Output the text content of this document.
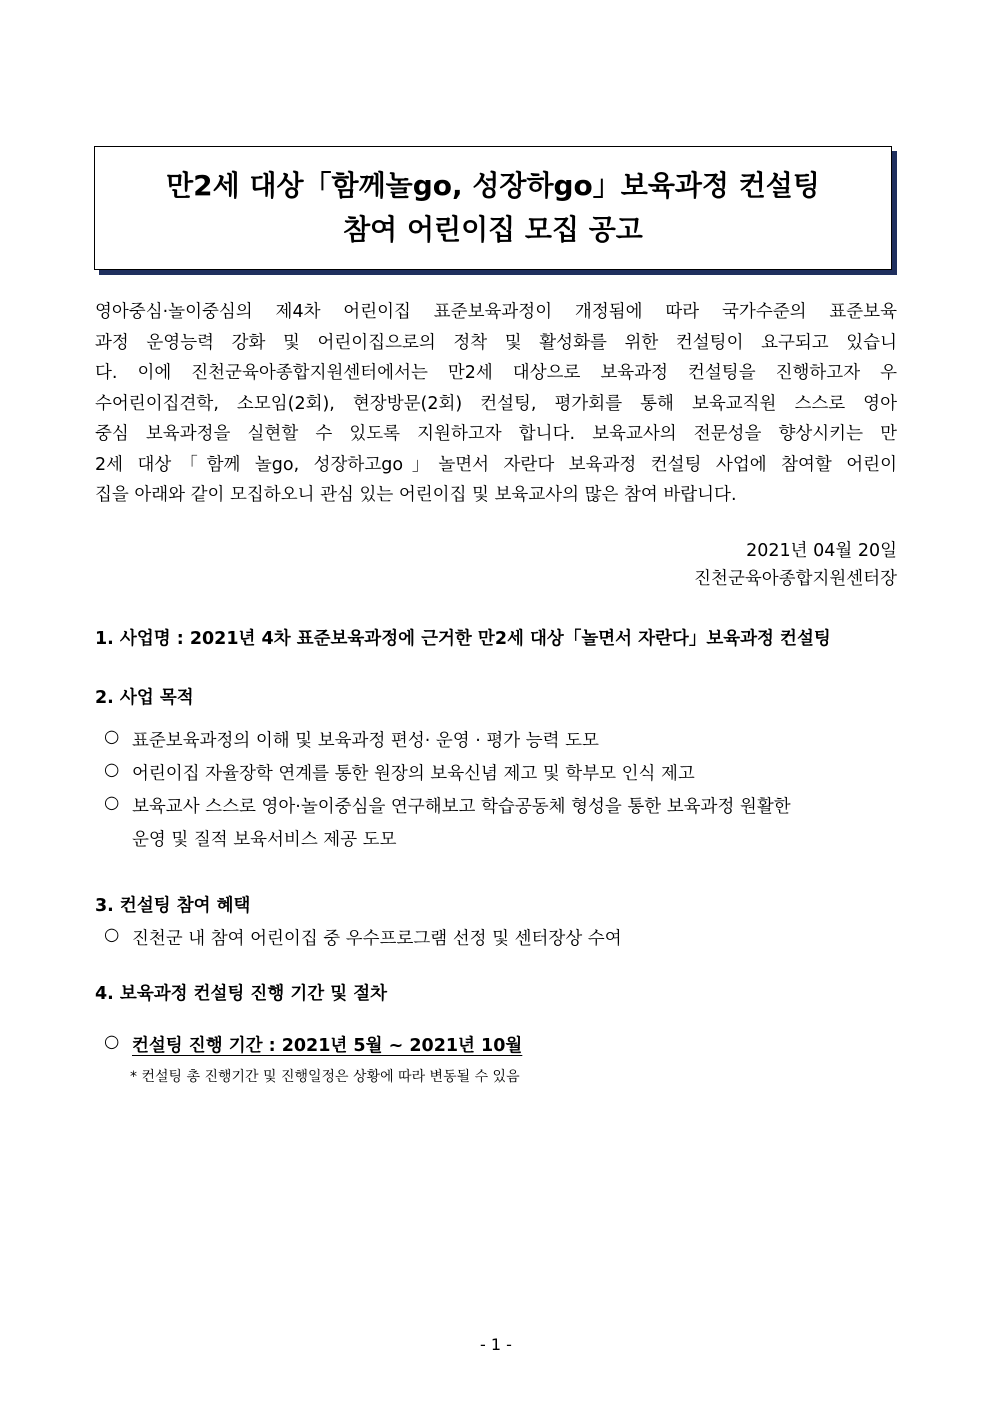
만2세 대상「함께놀go, 성장하go」보육과정 컨설팅
참여 어린이집 모집 공고
영아중심·놀이중심의 제4차 어린이집 표준보육과정이 개정됨에 따라 국가수준의 표준보육
과정 운영능력 강화 및 어린이집으로의 정착 및 활성화를 위한 컨설팅이 요구되고 있습니
다. 이에 진천군육아종합지원센터에서는 만2세 대상으로 보육과정 컨설팅을 진행하고자 우
수어린이집견학, 소모임(2회), 현장방문(2회) 컨설팅, 평가회를 통해 보육교직원 스스로 영아
중심 보육과정을 실현할 수 있도록 지원하고자 합니다. 보육교사의 전문성을 향상시키는 만
2세 대상「함께 놀go, 성장하고go」놀면서 자란다 보육과정 컨설팅 사업에 참여할 어린이
집을 아래와 같이 모집하오니 관심 있는 어린이집 및 보육교사의 많은 참여 바랍니다.
2021년 04월 20일
진천군육아종합지원센터장
1. 사업명 : 2021년 4차 표준보육과정에 근거한 만2세 대상「놀면서 자란다」보육과정 컨설팅
2. 사업 목적
○ 표준보육과정의 이해 및 보육과정 편성· 운영 · 평가 능력 도모
○ 어린이집 자율장학 연계를 통한 원장의 보육신념 제고 및 학부모 인식 제고
○ 보육교사 스스로 영아·놀이중심을 연구해보고 학습공동체 형성을 통한 보육과정 원활한
운영 및 질적 보육서비스 제공 도모
3. 컨설팅 참여 혜택
○ 진천군 내 참여 어린이집 중 우수프로그램 선정 및 센터장상 수여
4. 보육과정 컨설팅 진행 기간 및 절차
○ 컨설팅 진행 기간 : 2021년 5월 ~ 2021년 10월
* 컨설팅 총 진행기간 및 진행일정은 상황에 따라 변동될 수 있음
- 1 -
